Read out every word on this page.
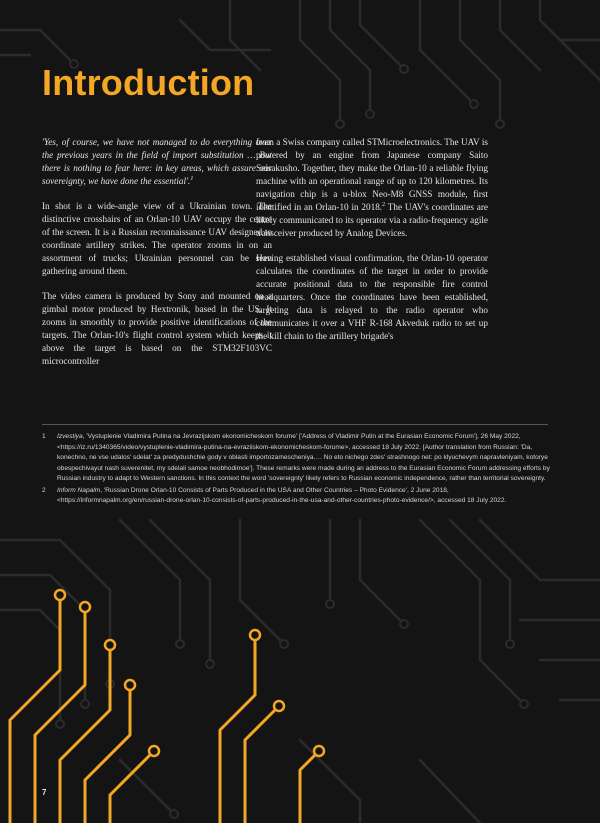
Introduction

'Yes, of course, we have not managed to do everything over the previous years in the field of import substitution … But there is nothing to fear here: in key areas, which assure our sovereignty, we have done the essential'.$^1$

In shot is a wide-angle view of a Ukrainian town. The distinctive crosshairs of an Orlan-10 UAV occupy the centre of the screen. It is a Russian reconnaissance UAV designed to coordinate artillery strikes. The operator zooms in on an assortment of trucks; Ukrainian personnel can be seen gathering around them.

The video camera is produced by Sony and mounted on a gimbal motor produced by Hextronik, based in the US. It zooms in smoothly to provide positive identifications of the targets. The Orlan-10's flight control system which keeps it above the target is based on the STM32F103VC microcontroller

from a Swiss company called STMicroelectronics. The UAV is powered by an engine from Japanese company Saito Seisakusho. Together, they make the Orlan-10 a reliable flying machine with an operational range of up to 120 kilometres. Its navigation chip is a u-blox Neo-M8 GNSS module, first identified in an Orlan-10 in 2018.$^2$ The UAV's coordinates are likely communicated to its operator via a radio-frequency agile transceiver produced by Analog Devices.

Having established visual confirmation, the Orlan-10 operator calculates the coordinates of the target in order to provide accurate positional data to the responsible fire control headquarters. Once the coordinates have been established, targeting data is relayed to the radio operator who communicates it over a VHF R-168 Akveduk radio to set up the kill chain to the artillery brigade's

1	Izvestiya, 'Vystuplenie Vladimira Putina na Jevrazijskom ekonomicheskom forume' ['Address of Vladimir Putin at the Eurasian Economic Forum'], 26 May 2022, <https://iz.ru/1340365/video/vystuplenie-vladimira-putina-na-evraziiskom-ekonomicheskom-forume>, accessed 18 July 2022. [Author translation from Russian: 'Da, konechno, ne vse udalos' sdelat' za predydushchie gody v oblasti importozamescheniya…. No eto nichego zdes' strashnogo net: po klyuchevym napravleniyam, kotorye obespechivayut nash suverenitet, my sdelali samoe neobhodimoe']. These remarks were made during an address to the Eurasian Economic Forum addressing efforts by Russian industry to adapt to Western sanctions. In this context the word 'sovereignty' likely refers to Russian economic independence, rather than territorial sovereignty.
2	Inform Napalm, 'Russian Drone Orlan-10 Consists of Parts Produced in the USA and Other Countries – Photo Evidence', 2 June 2018, <https://informnapalm.org/en/russian-drone-orlan-10-consists-of-parts-produced-in-the-usa-and-other-countries-photo-evidence/>, accessed 18 July 2022.
7
